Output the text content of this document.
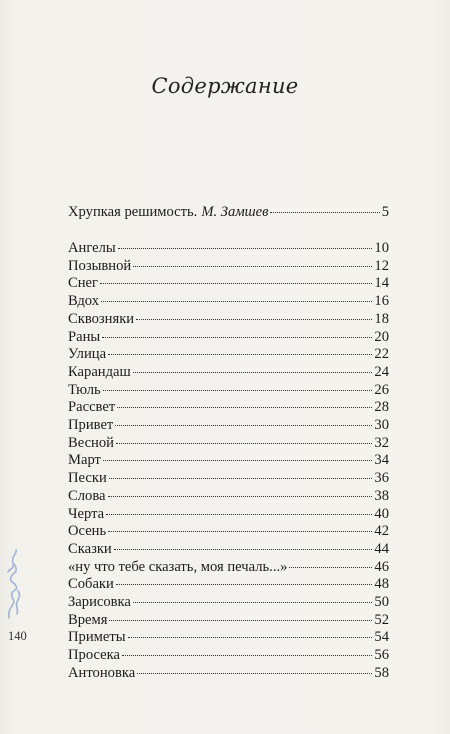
Содержание
Хрупкая решимость. М. Замшев	5
Ангелы	10
Позывной	12
Снег	14
Вдох	16
Сквозняки	18
Раны	20
Улица	22
Карандаш	24
Тюль	26
Рассвет	28
Привет	30
Весной	32
Март	34
Пески	36
Слова	38
Черта	40
Осень	42
Сказки	44
«ну что тебе сказать, моя печаль...»	46
Собаки	48
Зарисовка	50
Время	52
Приметы	54
Просека	56
Антоновка	58
140
